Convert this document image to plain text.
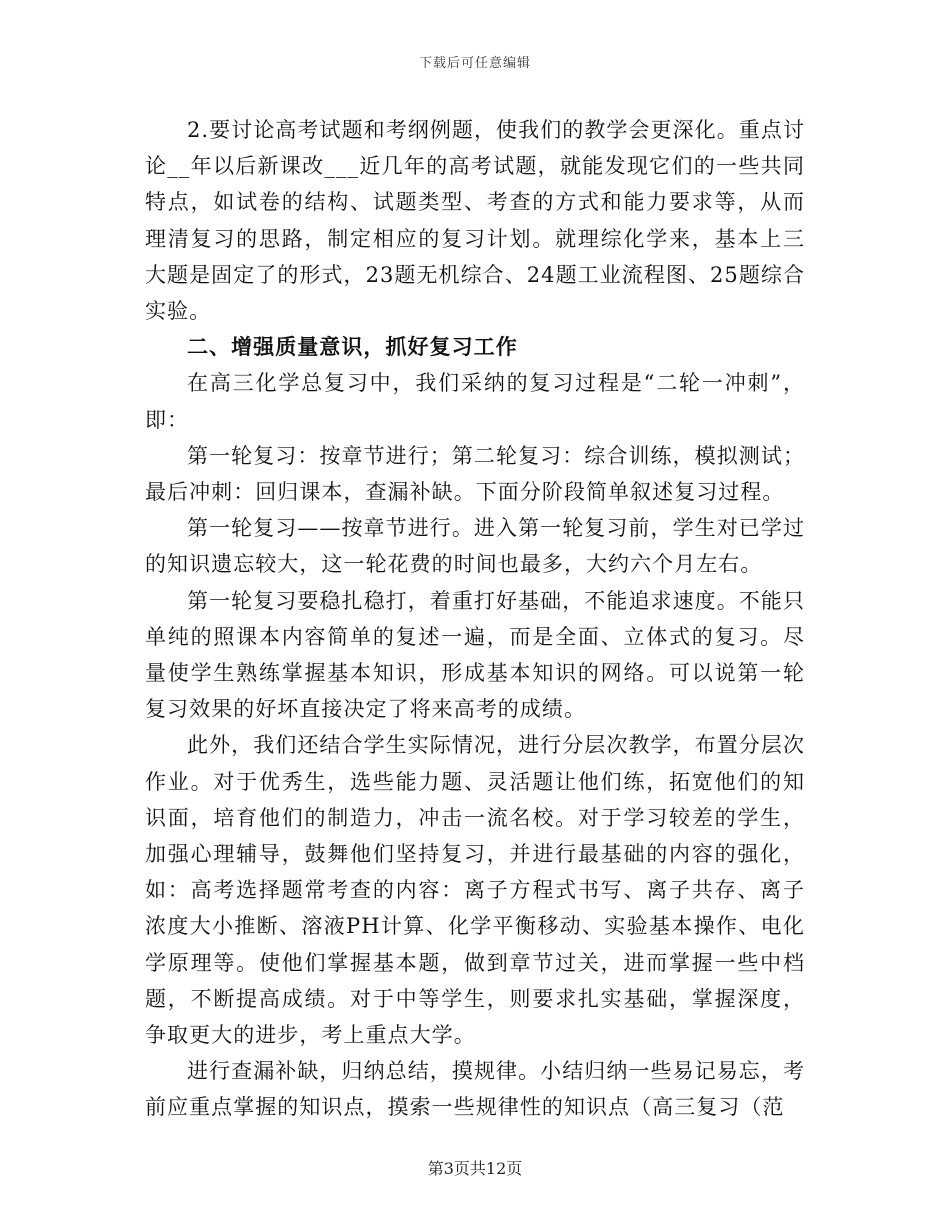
下载后可任意编辑

2.要讨论高考试题和考纲例题，使我们的教学会更深化。重点讨论__年以后新课改___近几年的高考试题，就能发现它们的一些共同特点，如试卷的结构、试题类型、考查的方式和能力要求等，从而理清复习的思路，制定相应的复习计划。就理综化学来，基本上三大题是固定了的形式，23题无机综合、24题工业流程图、25题综合实验。

二、增强质量意识，抓好复习工作

在高三化学总复习中，我们采纳的复习过程是“二轮一冲刺”，即：

第一轮复习：按章节进行；第二轮复习：综合训练，模拟测试；最后冲刺：回归课本，查漏补缺。下面分阶段简单叙述复习过程。

第一轮复习——按章节进行。进入第一轮复习前，学生对已学过的知识遗忘较大，这一轮花费的时间也最多，大约六个月左右。

第一轮复习要稳扎稳打，着重打好基础，不能追求速度。不能只单纯的照课本内容简单的复述一遍，而是全面、立体式的复习。尽量使学生熟练掌握基本知识，形成基本知识的网络。可以说第一轮复习效果的好坏直接决定了将来高考的成绩。

此外，我们还结合学生实际情况，进行分层次教学，布置分层次作业。对于优秀生，选些能力题、灵活题让他们练，拓宽他们的知识面，培育他们的制造力，冲击一流名校。对于学习较差的学生，加强心理辅导，鼓舞他们坚持复习，并进行最基础的内容的强化，如：高考选择题常考查的内容：离子方程式书写、离子共存、离子浓度大小推断、溶液PH计算、化学平衡移动、实验基本操作、电化学原理等。使他们掌握基本题，做到章节过关，进而掌握一些中档题，不断提高成绩。对于中等学生，则要求扎实基础，掌握深度，争取更大的进步，考上重点大学。

进行查漏补缺，归纳总结，摸规律。小结归纳一些易记易忘，考前应重点掌握的知识点，摸索一些规律性的知识点（高三复习（范

第3页共12页
